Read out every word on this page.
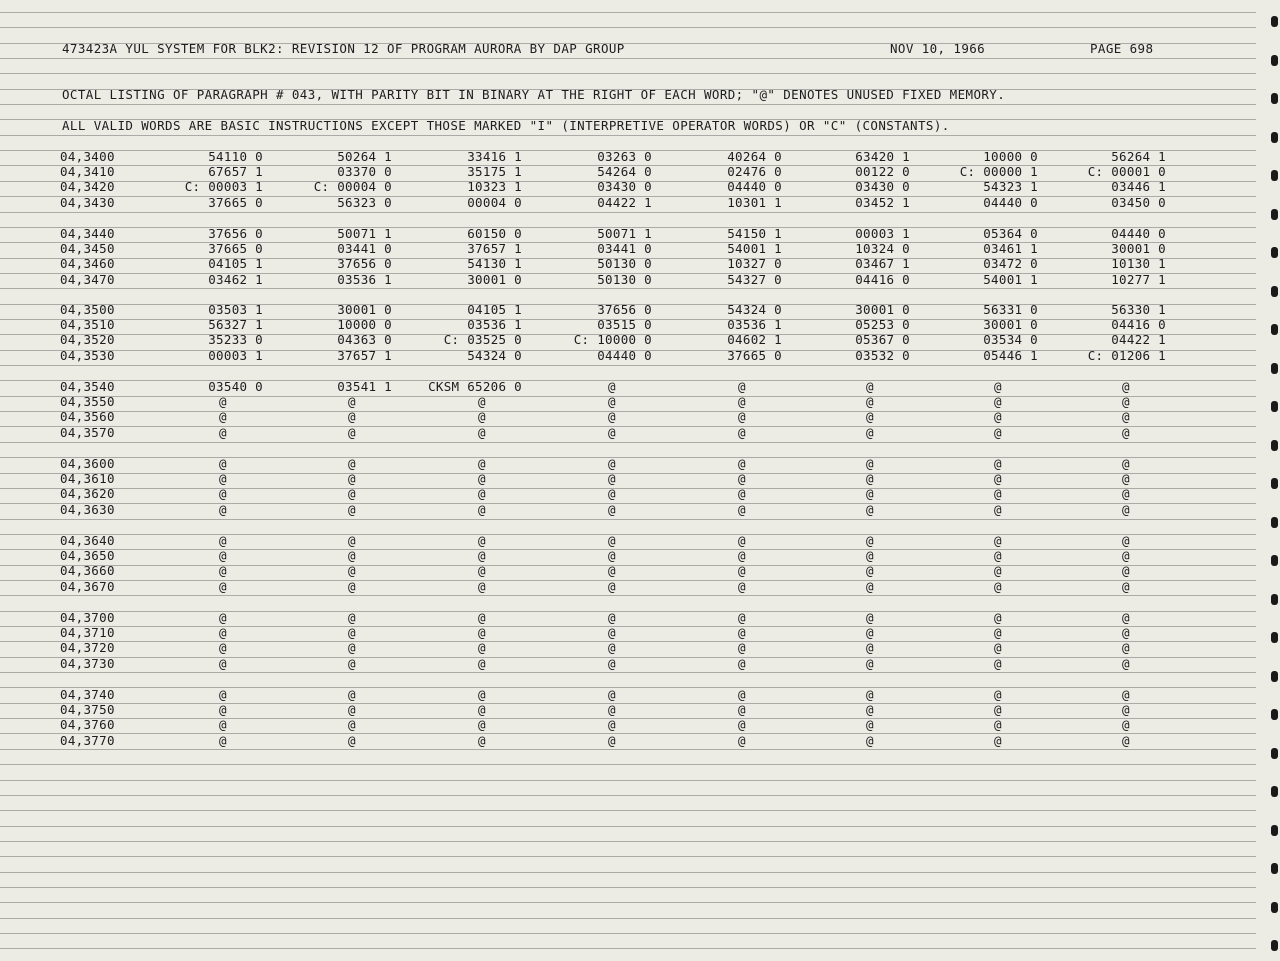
473423A YUL SYSTEM FOR BLK2: REVISION 12 OF PROGRAM AURORA BY DAP GROUP	NOV 10, 1966	PAGE 698
OCTAL LISTING OF PARAGRAPH # 043, WITH PARITY BIT IN BINARY AT THE RIGHT OF EACH WORD; "@" DENOTES UNUSED FIXED MEMORY.
ALL VALID WORDS ARE BASIC INSTRUCTIONS EXCEPT THOSE MARKED "I" (INTERPRETIVE OPERATOR WORDS) OR "C" (CONSTANTS).
04,3400	54110 0	50264 1	33416 1	03263 0	40264 0	63420 1	10000 0	56264 1
04,3410	67657 1	03370 0	35175 1	54264 0	02476 0	00122 0	C: 00000 1	C: 00001 0
04,3420	C: 00003 1	C: 00004 0	10323 1	03430 0	04440 0	03430 0	54323 1	03446 1
04,3430	37665 0	56323 0	00004 0	04422 1	10301 1	03452 1	04440 0	03450 0
04,3440	37656 0	50071 1	60150 0	50071 1	54150 1	00003 1	05364 0	04440 0
04,3450	37665 0	03441 0	37657 1	03441 0	54001 1	10324 0	03461 1	30001 0
04,3460	04105 1	37656 0	54130 1	50130 0	10327 0	03467 1	03472 0	10130 1
04,3470	03462 1	03536 1	30001 0	50130 0	54327 0	04416 0	54001 1	10277 1
04,3500	03503 1	30001 0	04105 1	37656 0	54324 0	30001 0	56331 0	56330 1
04,3510	56327 1	10000 0	03536 1	03515 0	03536 1	05253 0	30001 0	04416 0
04,3520	35233 0	04363 0	C: 03525 0	C: 10000 0	04602 1	05367 0	03534 0	04422 1
04,3530	00003 1	37657 1	54324 0	04440 0	37665 0	03532 0	05446 1	C: 01206 1
04,3540	03540 0	03541 1	CKSM 65206 0	@	@	@	@	@
04,3550	@	@	@	@	@	@	@	@
04,3560	@	@	@	@	@	@	@	@
04,3570	@	@	@	@	@	@	@	@
04,3600	@	@	@	@	@	@	@	@
04,3610	@	@	@	@	@	@	@	@
04,3620	@	@	@	@	@	@	@	@
04,3630	@	@	@	@	@	@	@	@
04,3640	@	@	@	@	@	@	@	@
04,3650	@	@	@	@	@	@	@	@
04,3660	@	@	@	@	@	@	@	@
04,3670	@	@	@	@	@	@	@	@
04,3700	@	@	@	@	@	@	@	@
04,3710	@	@	@	@	@	@	@	@
04,3720	@	@	@	@	@	@	@	@
04,3730	@	@	@	@	@	@	@	@
04,3740	@	@	@	@	@	@	@	@
04,3750	@	@	@	@	@	@	@	@
04,3760	@	@	@	@	@	@	@	@
04,3770	@	@	@	@	@	@	@	@
